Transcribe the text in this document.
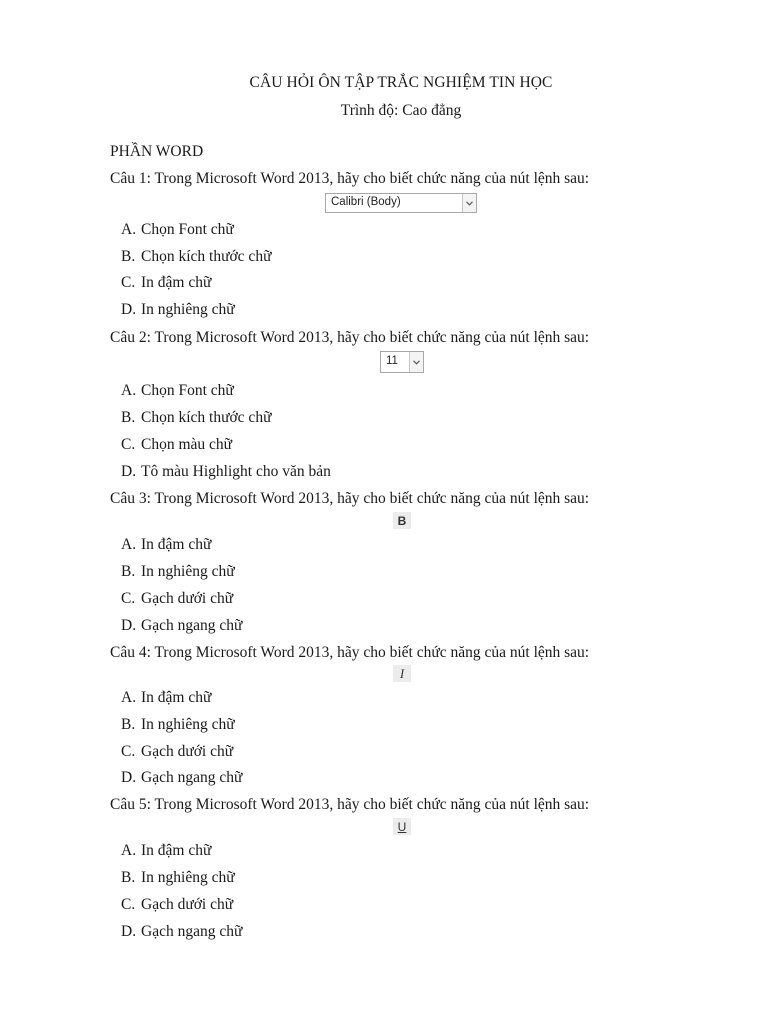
CÂU HỎI ÔN TẬP TRẮC NGHIỆM TIN HỌC
Trình độ: Cao đẳng
PHẦN WORD
Câu 1: Trong Microsoft Word 2013, hãy cho biết chức năng của nút lệnh sau:
Calibri (Body)
A. Chọn Font chữ
B. Chọn kích thước chữ
C. In đậm chữ
D. In nghiêng chữ
Câu 2: Trong Microsoft Word 2013, hãy cho biết chức năng của nút lệnh sau:
11
A. Chọn Font chữ
B. Chọn kích thước chữ
C. Chọn màu chữ
D. Tô màu Highlight cho văn bản
Câu 3: Trong Microsoft Word 2013, hãy cho biết chức năng của nút lệnh sau:
B
A. In đậm chữ
B. In nghiêng chữ
C. Gạch dưới chữ
D. Gạch ngang chữ
Câu 4: Trong Microsoft Word 2013, hãy cho biết chức năng của nút lệnh sau:
I
A. In đậm chữ
B. In nghiêng chữ
C. Gạch dưới chữ
D. Gạch ngang chữ
Câu 5: Trong Microsoft Word 2013, hãy cho biết chức năng của nút lệnh sau:
U
A. In đậm chữ
B. In nghiêng chữ
C. Gạch dưới chữ
D. Gạch ngang chữ
